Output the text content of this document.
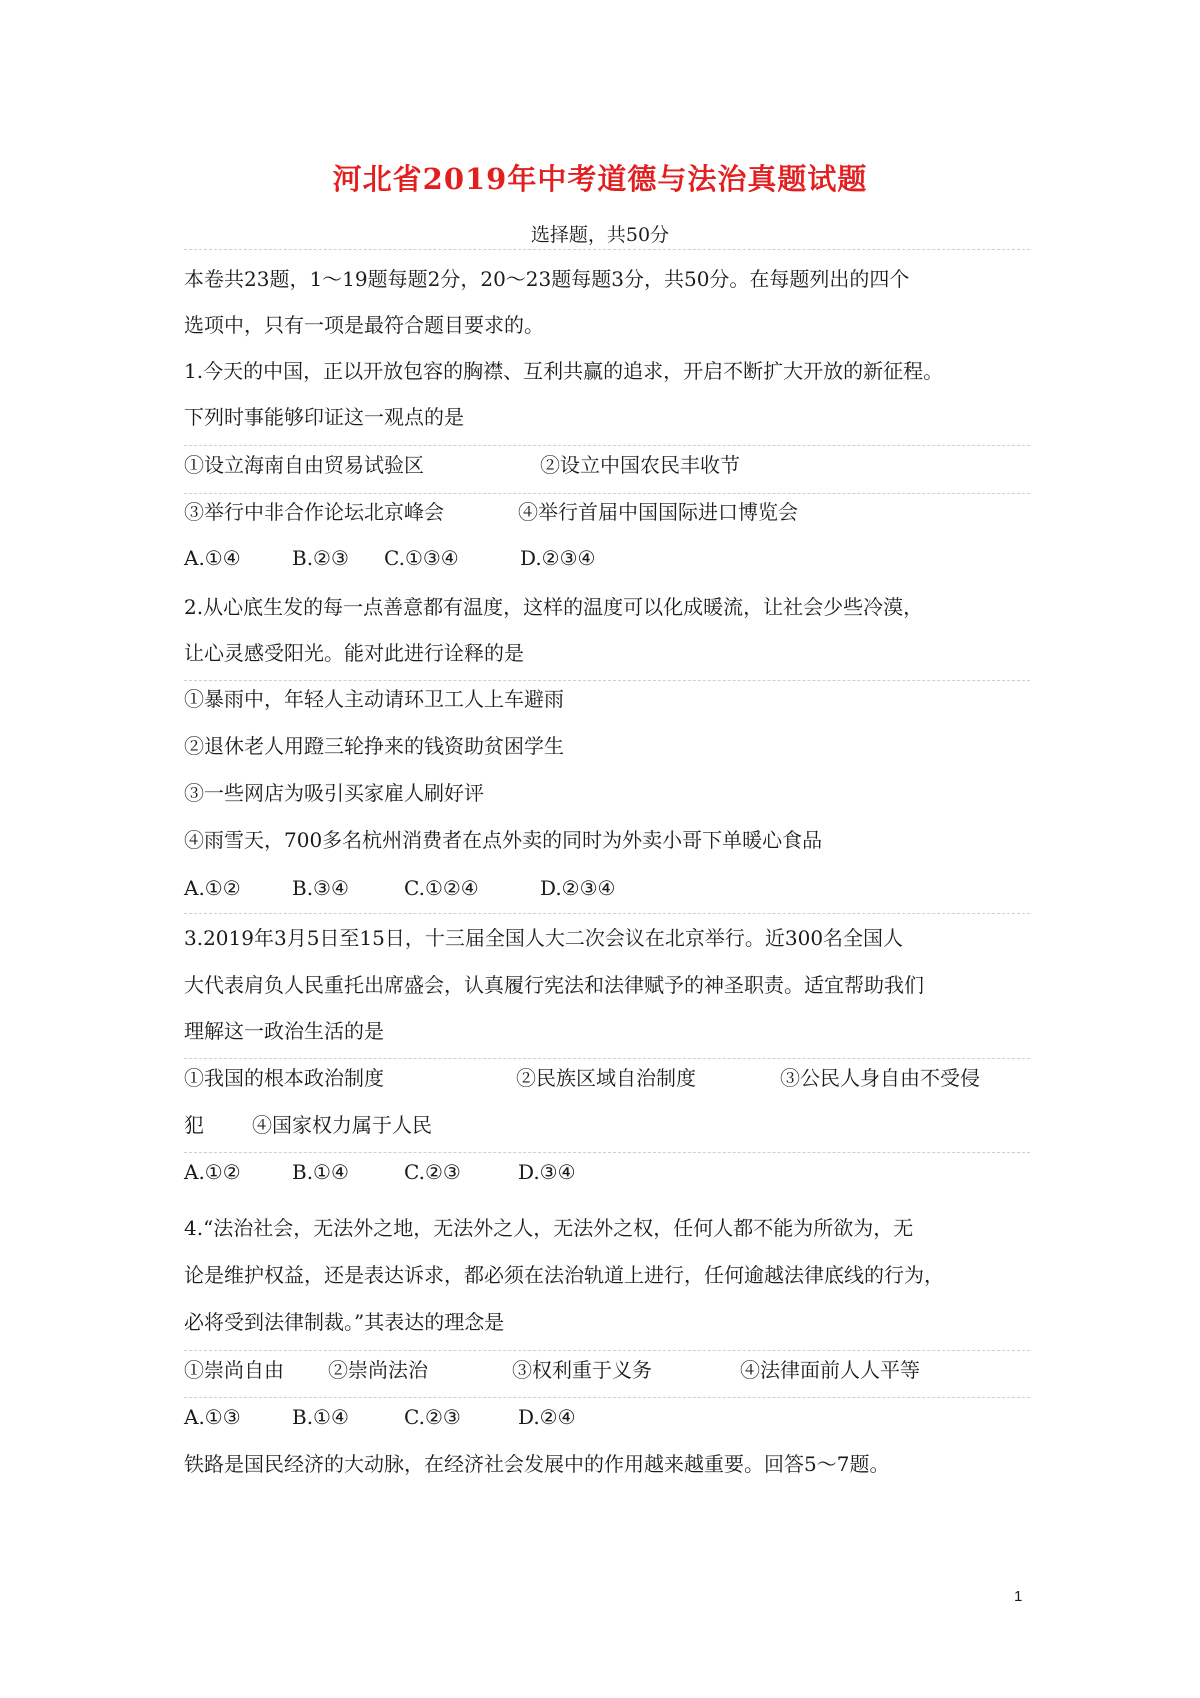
河北省2019年中考道德与法治真题试题
选择题，共50分
本卷共23题，1～19题每题2分，20～23题每题3分，共50分。在每题列出的四个
选项中，只有一项是最符合题目要求的。
1.今天的中国，正以开放包容的胸襟、互利共赢的追求，开启不断扩大开放的新征程。
下列时事能够印证这一观点的是
①设立海南自由贸易试验区	②设立中国农民丰收节
③举行中非合作论坛北京峰会	④举行首届中国国际进口博览会
A.①④	B.②③ C.①③④	D.②③④
2.从心底生发的每一点善意都有温度，这样的温度可以化成暖流，让社会少些冷漠，
让心灵感受阳光。能对此进行诠释的是
①暴雨中，年轻人主动请环卫工人上车避雨
②退休老人用蹬三轮挣来的钱资助贫困学生
③一些网店为吸引买家雇人刷好评
④雨雪天，700多名杭州消费者在点外卖的同时为外卖小哥下单暖心食品
A.①②	B.③④	C.①②④	D.②③④
3.2019年3月5日至15日，十三届全国人大二次会议在北京举行。近300名全国人
大代表肩负人民重托出席盛会，认真履行宪法和法律赋予的神圣职责。适宜帮助我们
理解这一政治生活的是
①我国的根本政治制度	②民族区域自治制度	③公民人身自由不受侵
犯 ④国家权力属于人民
A.①②	B.①④	C.②③	D.③④
4.“法治社会，无法外之地，无法外之人，无法外之权，任何人都不能为所欲为，无
论是维护权益，还是表达诉求，都必须在法治轨道上进行，任何逾越法律底线的行为，
必将受到法律制裁。”其表达的理念是
①崇尚自由 ②崇尚法治	③权利重于义务	④法律面前人人平等
A.①③	B.①④	C.②③	D.②④
铁路是国民经济的大动脉，在经济社会发展中的作用越来越重要。回答5～7题。
1
